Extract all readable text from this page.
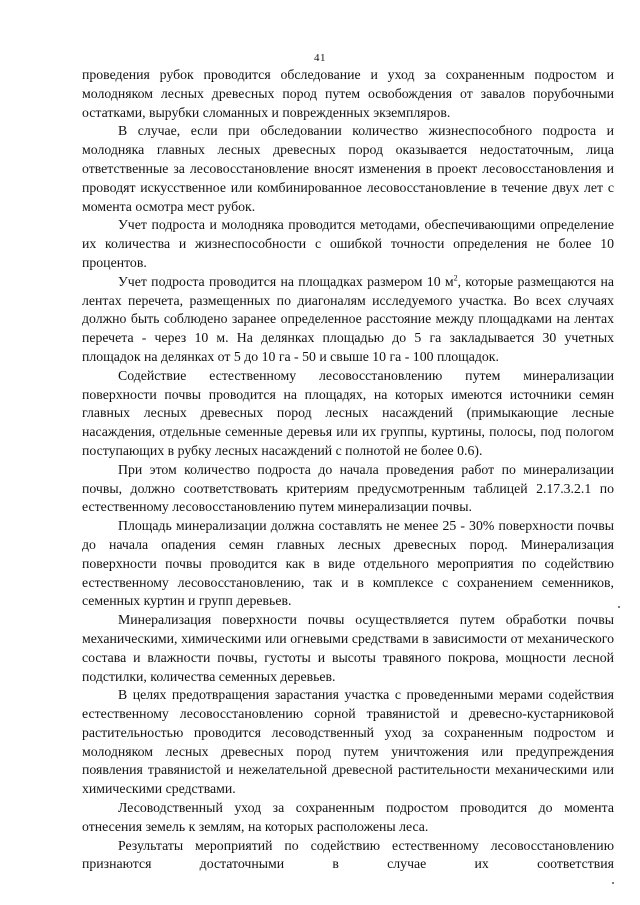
41

проведения рубок проводится обследование и уход за сохраненным подростом и молодняком лесных древесных пород путем освобождения от завалов порубочными остатками, вырубки сломанных и поврежденных экземпляров.

В случае, если при обследовании количество жизнеспособного подроста и молодняка главных лесных древесных пород оказывается недостаточным, лица ответственные за лесовосстановление вносят изменения в проект лесовосстановления и проводят искусственное или комбинированное лесовосстановление в течение двух лет с момента осмотра мест рубок.

Учет подроста и молодняка проводится методами, обеспечивающими определение их количества и жизнеспособности с ошибкой точности определения не более 10 процентов.

Учет подроста проводится на площадках размером 10 $м^2$, которые размещаются на лентах перечета, размещенных по диагоналям исследуемого участка. Во всех случаях должно быть соблюдено заранее определенное расстояние между площадками на лентах перечета - через 10 м. На делянках площадью до 5 га закладывается 30 учетных площадок на делянках от 5 до 10 га - 50 и свыше 10 га - 100 площадок.

Содействие естественному лесовосстановлению путем минерализации поверхности почвы проводится на площадях, на которых имеются источники семян главных лесных древесных пород лесных насаждений (примыкающие лесные насаждения, отдельные семенные деревья или их группы, куртины, полосы, под пологом поступающих в рубку лесных насаждений с полнотой не более 0.6).

При этом количество подроста до начала проведения работ по минерализации почвы, должно соответствовать критериям предусмотренным таблицей 2.17.3.2.1 по естественному лесовосстановлению путем минерализации почвы.

Площадь минерализации должна составлять не менее 25 - 30% поверхности почвы до начала опадения семян главных лесных древесных пород. Минерализация поверхности почвы проводится как в виде отдельного мероприятия по содействию естественному лесовосстановлению, так и в комплексе с сохранением семенников, семенных куртин и групп деревьев.

Минерализация поверхности почвы осуществляется путем обработки почвы механическими, химическими или огневыми средствами в зависимости от механического состава и влажности почвы, густоты и высоты травяного покрова, мощности лесной подстилки, количества семенных деревьев.

В целях предотвращения зарастания участка с проведенными мерами содействия естественному лесовосстановлению сорной травянистой и древесно-кустарниковой растительностью проводится лесоводственный уход за сохраненным подростом и молодняком лесных древесных пород путем уничтожения или предупреждения появления травянистой и нежелательной древесной растительности механическими или химическими средствами.

Лесоводственный уход за сохраненным подростом проводится до момента отнесения земель к землям, на которых расположены леса.

Результаты мероприятий по содействию естественному лесовосстановлению признаются достаточными в случае их соответствия
